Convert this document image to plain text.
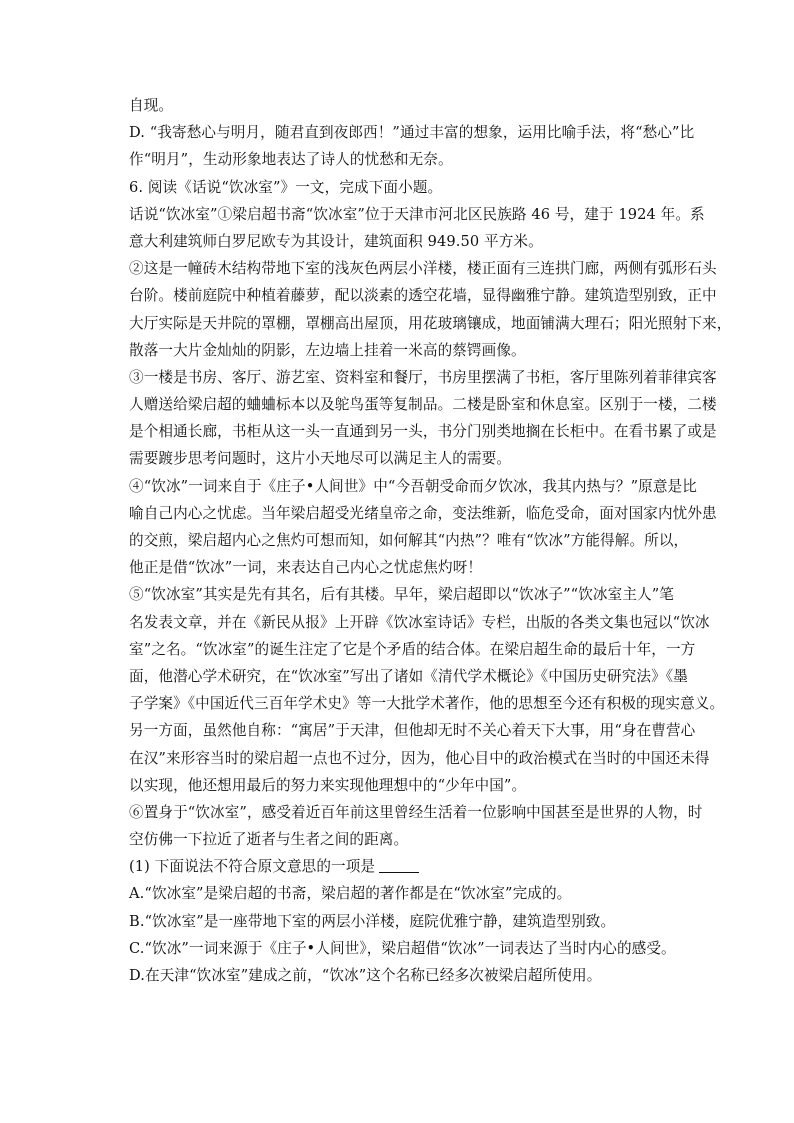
自现。
D. “我寄愁心与明月，随君直到夜郎西！”通过丰富的想象，运用比喻手法，将“愁心”比
作“明月”，生动形象地表达了诗人的忧愁和无奈。
6. 阅读《话说“饮冰室”》一文，完成下面小题。
话说“饮冰室”①梁启超书斋“饮冰室”位于天津市河北区民族路 46 号，建于 1924 年。系
意大利建筑师白罗尼欧专为其设计，建筑面积 949.50 平方米。
②这是一幢砖木结构带地下室的浅灰色两层小洋楼，楼正面有三连拱门廊，两侧有弧形石头
台阶。楼前庭院中种植着藤萝，配以淡素的透空花墙，显得幽雅宁静。建筑造型别致，正中
大厅实际是天井院的罩棚，罩棚高出屋顶，用花玻璃镶成，地面铺满大理石；阳光照射下来，
散落一大片金灿灿的阴影，左边墙上挂着一米高的蔡锷画像。
③一楼是书房、客厅、游艺室、资料室和餐厅，书房里摆满了书柜，客厅里陈列着菲律宾客
人赠送给梁启超的蛐蛐标本以及鸵鸟蛋等复制品。二楼是卧室和休息室。区别于一楼，二楼
是个相通长廊，书柜从这一头一直通到另一头，书分门别类地搁在长柜中。在看书累了或是
需要踱步思考问题时，这片小天地尽可以满足主人的需要。
④“饮冰”一词来自于《庄子•人间世》中“今吾朝受命而夕饮冰，我其内热与？”原意是比
喻自己内心之忧虑。当年梁启超受光绪皇帝之命，变法维新，临危受命，面对国家内忧外患
的交煎，梁启超内心之焦灼可想而知，如何解其“内热”？唯有“饮冰”方能得解。所以，
他正是借“饮冰”一词，来表达自己内心之忧虑焦灼呀！
⑤“饮冰室”其实是先有其名，后有其楼。早年，梁启超即以“饮冰子”“饮冰室主人”笔
名发表文章，并在《新民从报》上开辟《饮冰室诗话》专栏，出版的各类文集也冠以“饮冰
室”之名。“饮冰室”的诞生注定了它是个矛盾的结合体。在梁启超生命的最后十年，一方
面，他潜心学术研究，在“饮冰室”写出了诸如《清代学术概论》《中国历史研究法》《墨
子学案》《中国近代三百年学术史》等一大批学术著作，他的思想至今还有积极的现实意义。
另一方面，虽然他自称：“寓居”于天津，但他却无时不关心着天下大事，用“身在曹营心
在汉”来形容当时的梁启超一点也不过分，因为，他心目中的政治模式在当时的中国还未得
以实现，他还想用最后的努力来实现他理想中的“少年中国”。
⑥置身于“饮冰室”，感受着近百年前这里曾经生活着一位影响中国甚至是世界的人物，时
空仿佛一下拉近了逝者与生者之间的距离。
(1) 下面说法不符合原文意思的一项是
A.“饮冰室”是梁启超的书斋，梁启超的著作都是在“饮冰室”完成的。
B.“饮冰室”是一座带地下室的两层小洋楼，庭院优雅宁静，建筑造型别致。
C.“饮冰”一词来源于《庄子•人间世》，梁启超借“饮冰”一词表达了当时内心的感受。
D.在天津“饮冰室”建成之前，“饮冰”这个名称已经多次被梁启超所使用。
